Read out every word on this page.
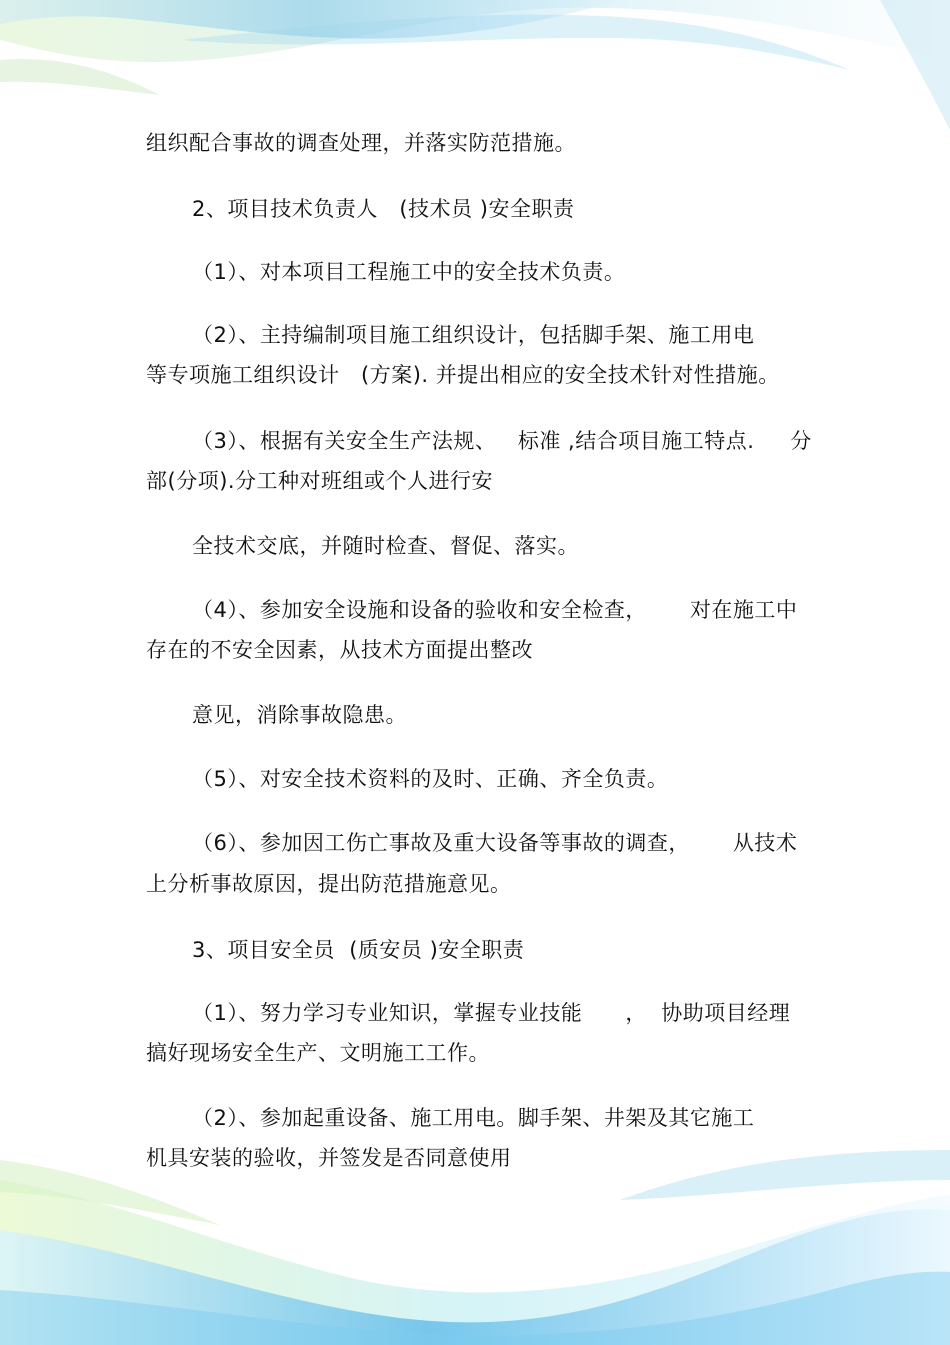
组织配合事故的调查处理，并落实防范措施。
2、项目技术负责人   (技术员 )安全职责
（1）、对本项目工程施工中的安全技术负责。
（2）、主持编制项目施工组织设计，包括脚手架、施工用电
等专项施工组织设计   (方案). 并提出相应的安全技术针对性措施。
（3）、根据有关安全生产法规、   标准 ,结合项目施工特点.     分
部(分项).分工种对班组或个人进行安
全技术交底，并随时检查、督促、落实。
（4）、参加安全设施和设备的验收和安全检查，      对在施工中
存在的不安全因素，从技术方面提出整改
意见，消除事故隐患。
（5）、对安全技术资料的及时、正确、齐全负责。
（6）、参加因工伤亡事故及重大设备等事故的调查，      从技术
上分析事故原因，提出防范措施意见。
3、项目安全员  (质安员 )安全职责
（1）、努力学习专业知识，掌握专业技能      ，  协助项目经理
搞好现场安全生产、文明施工工作。
（2）、参加起重设备、施工用电。脚手架、井架及其它施工
机具安装的验收，并签发是否同意使用
